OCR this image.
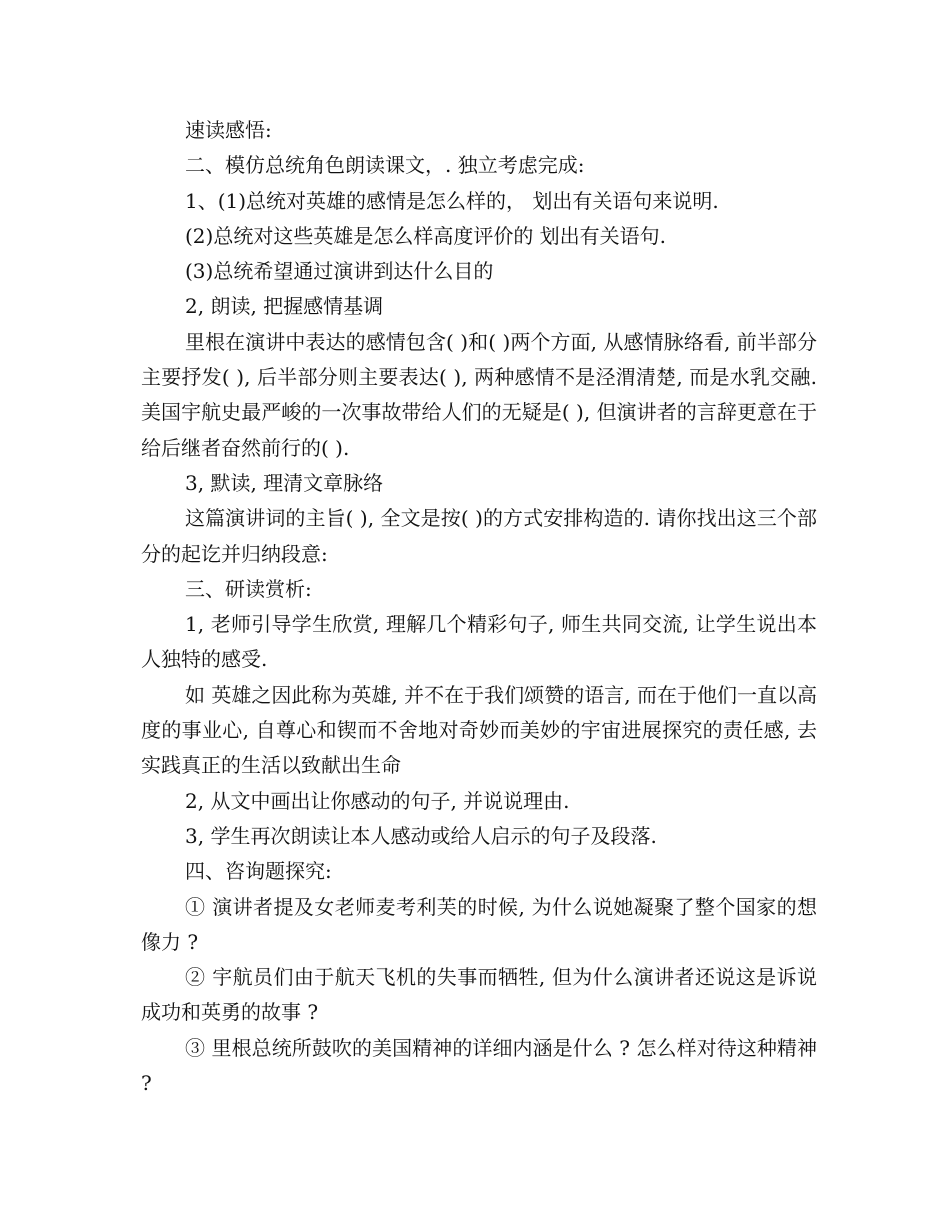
速读感悟:

二、模仿总统角色朗读课文，. 独立考虑完成:

1、(1)总统对英雄的感情是怎么样的， 划出有关语句来说明.

(2)总统对这些英雄是怎么样高度评价的 划出有关语句.

(3)总统希望通过演讲到达什么目的

2, 朗读, 把握感情基调

里根在演讲中表达的感情包含( )和( )两个方面, 从感情脉络看, 前半部分主要抒发( ), 后半部分则主要表达( ), 两种感情不是泾渭清楚, 而是水乳交融. 美国宇航史最严峻的一次事故带给人们的无疑是( ), 但演讲者的言辞更意在于给后继者奋然前行的( ).

3, 默读, 理清文章脉络

这篇演讲词的主旨( ), 全文是按( )的方式安排构造的. 请你找出这三个部分的起讫并归纳段意:

三、研读赏析:

1, 老师引导学生欣赏, 理解几个精彩句子, 师生共同交流, 让学生说出本人独特的感受.

如 英雄之因此称为英雄, 并不在于我们颂赞的语言, 而在于他们一直以高度的事业心, 自尊心和锲而不舍地对奇妙而美妙的宇宙进展探究的责任感, 去实践真正的生活以致献出生命

2, 从文中画出让你感动的句子, 并说说理由.

3, 学生再次朗读让本人感动或给人启示的句子及段落.

四、咨询题探究:

① 演讲者提及女老师麦考利芙的时候, 为什么说她凝聚了整个国家的想像力 ?

② 宇航员们由于航天飞机的失事而牺牲, 但为什么演讲者还说这是诉说成功和英勇的故事 ?

③ 里根总统所鼓吹的美国精神的详细内涵是什么 ? 怎么样对待这种精神 ?
